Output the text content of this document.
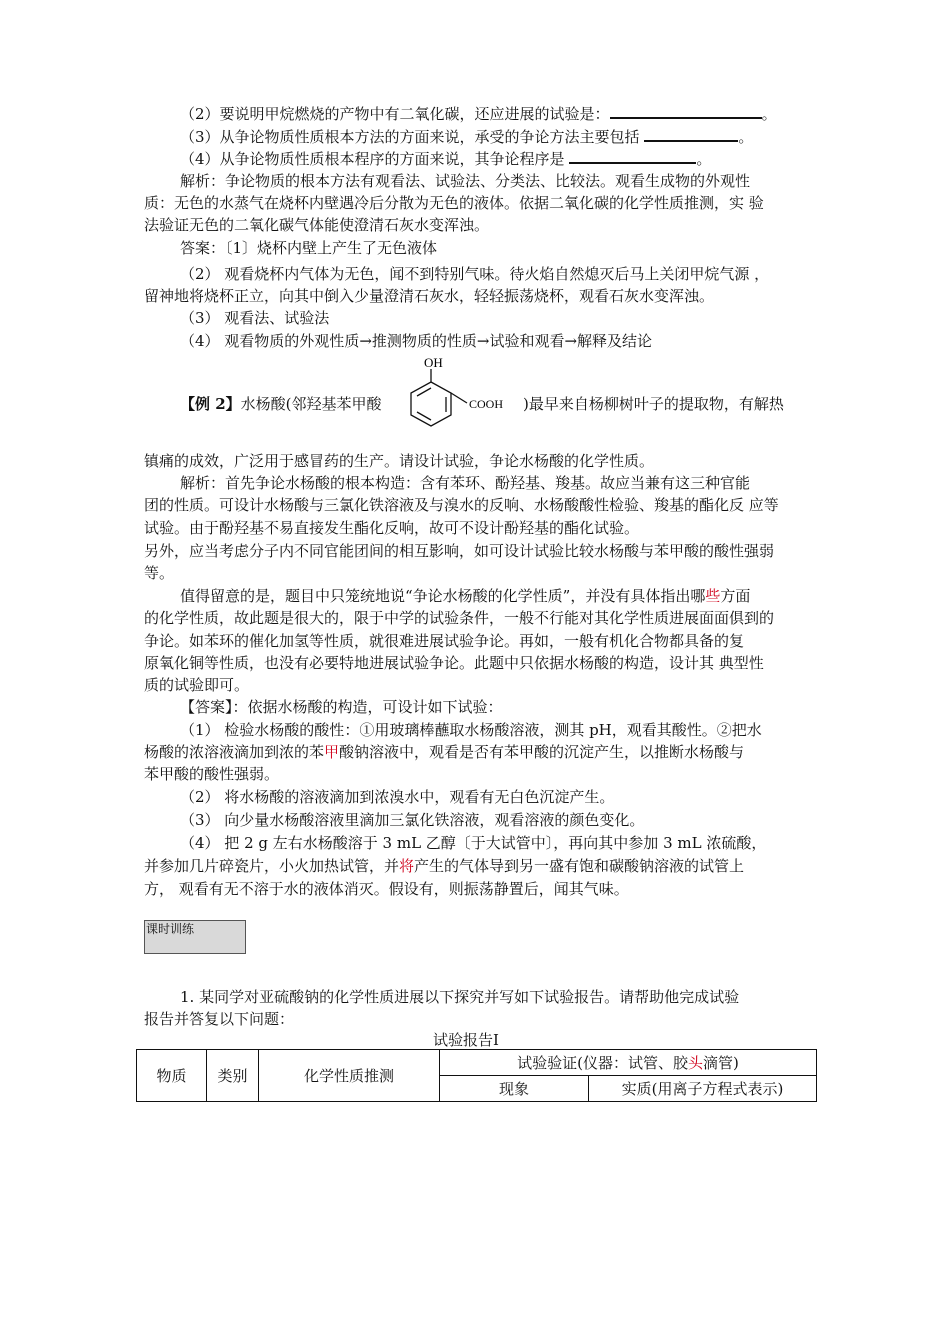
（2）要说明甲烷燃烧的产物中有二氧化碳，还应进展的试验是：	。
（3）从争论物质性质根本方法的方面来说，承受的争论方法主要包括	。
（4）从争论物质性质根本程序的方面来说，其争论程序是	。
解析：争论物质的根本方法有观看法、试验法、分类法、比较法。观看生成物的外观性
质：无色的水蒸气在烧杯内壁遇冷后分散为无色的液体。依据二氧化碳的化学性质推测，实 验
法验证无色的二氧化碳气体能使澄清石灰水变浑浊。
答案：〔1〕烧杯内壁上产生了无色液体
（2） 观看烧杯内气体为无色，闻不到特别气味。待火焰自然熄灭后马上关闭甲烷气源 ，
留神地将烧杯正立，向其中倒入少量澄清石灰水，轻轻振荡烧杯，观看石灰水变浑浊。
（3） 观看法、试验法
（4） 观看物质的外观性质→推测物质的性质→试验和观看→解释及结论
【例 2】水杨酸(邻羟基苯甲酸
OH
COOH )最早来自杨柳树叶子的提取物，有解热
镇痛的成效，广泛用于感冒药的生产。请设计试验，争论水杨酸的化学性质。
解析：首先争论水杨酸的根本构造：含有苯环、酚羟基、羧基。故应当兼有这三种官能
团的性质。可设计水杨酸与三氯化铁溶液及与溴水的反响、水杨酸酸性检验、羧基的酯化反 应等
试验。由于酚羟基不易直接发生酯化反响，故可不设计酚羟基的酯化试验。
另外，应当考虑分子内不同官能团间的相互影响，如可设计试验比较水杨酸与苯甲酸的酸性强弱
等。
值得留意的是，题目中只笼统地说“争论水杨酸的化学性质”，并没有具体指出哪些方面
的化学性质，故此题是很大的，限于中学的试验条件，一般不行能对其化学性质进展面面俱到的
争论。如苯环的催化加氢等性质，就很难进展试验争论。再如，一般有机化合物都具备的复
原氧化铜等性质，也没有必要特地进展试验争论。此题中只依据水杨酸的构造，设计其 典型性
质的试验即可。
【答案】：依据水杨酸的构造，可设计如下试验：
（1） 检验水杨酸的酸性：①用玻璃棒蘸取水杨酸溶液，测其 pH，观看其酸性。②把水
杨酸的浓溶液滴加到浓的苯甲酸钠溶液中，观看是否有苯甲酸的沉淀产生，以推断水杨酸与
苯甲酸的酸性强弱。
（2） 将水杨酸的溶液滴加到浓溴水中，观看有无白色沉淀产生。
（3） 向少量水杨酸溶液里滴加三氯化铁溶液，观看溶液的颜色变化。
（4） 把 2 g 左右水杨酸溶于 3 mL 乙醇〔于大试管中〕，再向其中参加 3 mL 浓硫酸，
并参加几片碎瓷片，小火加热试管，并将产生的气体导到另一盛有饱和碳酸钠溶液的试管上
方， 观看有无不溶于水的液体消灭。假设有，则振荡静置后，闻其气味。
课时训练
1. 某同学对亚硫酸钠的化学性质进展以下探究并写如下试验报告。请帮助他完成试验
报告并答复以下问题：
试验报告Ⅰ
物质	类别	化学性质推测	试验验证(仪器：试管、胶头滴管)	
			现象	实质(用离子方程式表示)
